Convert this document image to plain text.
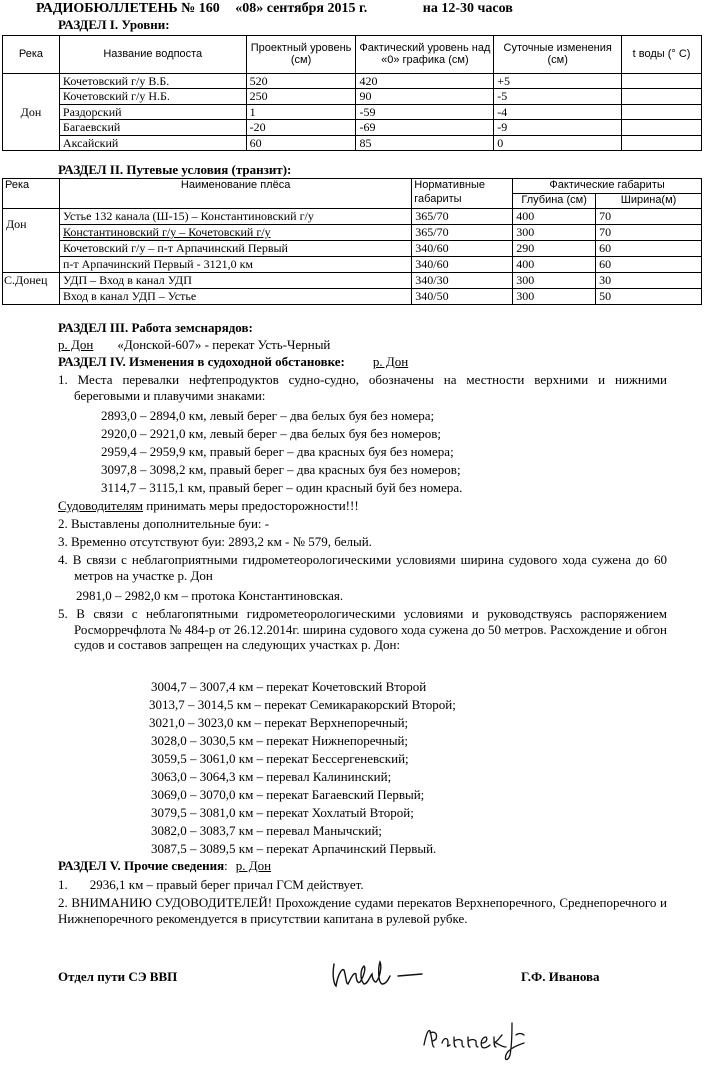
РАДИОБЮЛЛЕТЕНЬ № 160 «08» сентября 2015 г.	на 12-30 часов
РАЗДЕЛ I. Уровни:
Река	Название водпоста	Проектный уровень (см)	Фактический уровень над «0» графика (см)	Суточные изменения (см)	t воды (° С)
Дон	Кочетовский г/у В.Б.	520	420	+5	
	Кочетовский г/у Н.Б.	250	90	-5	
	Раздорский	1	-59	-4	
	Багаевский	-20	-69	-9	
	Аксайский	60	85	0	
РАЗДЕЛ II. Путевые условия (транзит):
Река	Наименование плёса	Нормативные габариты	Фактические габариты	
			Глубина (см)	Ширина(м)
Дон	Устье 132 канала (Ш-15) – Константиновский г/у	365/70	400	70
	Константиновский г/у – Кочетовский г/у	365/70	300	70
	Кочетовский г/у – п-т Арпачинский Первый	340/60	290	60
	п-т Арпачинский Первый - 3121,0 км	340/60	400	60
С.Донец	УДП – Вход в канал УДП	340/30	300	30
	Вход в канал УДП – Устье	340/50	300	50
РАЗДЕЛ III. Работа земснарядов:
р. Дон «Донской-607» - перекат Усть-Черный
РАЗДЕЛ IV. Изменения в судоходной обстановке: р. Дон
1. Места перевалки нефтепродуктов судно-судно, обозначены на местности верхними и нижними береговыми и плавучими знаками:
2893,0 – 2894,0 км, левый берег – два белых буя без номера;
2920,0 – 2921,0 км, левый берег – два белых буя без номеров;
2959,4 – 2959,9 км, правый берег – два красных буя без номера;
3097,8 – 3098,2 км, правый берег – два красных буя без номеров;
3114,7 – 3115,1 км, правый берег – один красный буй без номера.
Судоводителям принимать меры предосторожности!!!
2. Выставлены дополнительные буи: -
3. Временно отсутствуют буи: 2893,2 км - № 579, белый.
4. В связи с неблагоприятными гидрометеорологическими условиями ширина судового хода сужена до 60 метров на участке р. Дон
2981,0 – 2982,0 км – протока Константиновская.
5. В связи с неблагопятными гидрометеорологическими условиями и руководствуясь распоряжением Росморречфлота № 484-р от 26.12.2014г. ширина судового хода сужена до 50 метров. Расхождение и обгон судов и составов запрещен на следующих участках р. Дон:
3004,7 – 3007,4 км – перекат Кочетовский Второй
3013,7 – 3014,5 км – перекат Семикаракорский Второй;
3021,0 – 3023,0 км – перекат Верхнепоречный;
3028,0 – 3030,5 км – перекат Нижнепоречный;
3059,5 – 3061,0 км – перекат Бессергеневский;
3063,0 – 3064,3 км – перевал Калининский;
3069,0 – 3070,0 км – перекат Багаевский Первый;
3079,5 – 3081,0 км – перекат Хохлатый Второй;
3082,0 – 3083,7 км – перевал Манычский;
3087,5 – 3089,5 км – перекат Арпачинский Первый.
РАЗДЕЛ V. Прочие сведения: р. Дон
1. 2936,1 км – правый берег причал ГСМ действует.
2. ВНИМАНИЮ СУДОВОДИТЕЛЕЙ! Прохождение судами перекатов Верхнепоречного, Среднепоречного и Нижнепоречного рекомендуется в присутствии капитана в рулевой рубке.
Отдел пути СЭ ВВП	Г.Ф. Иванова
